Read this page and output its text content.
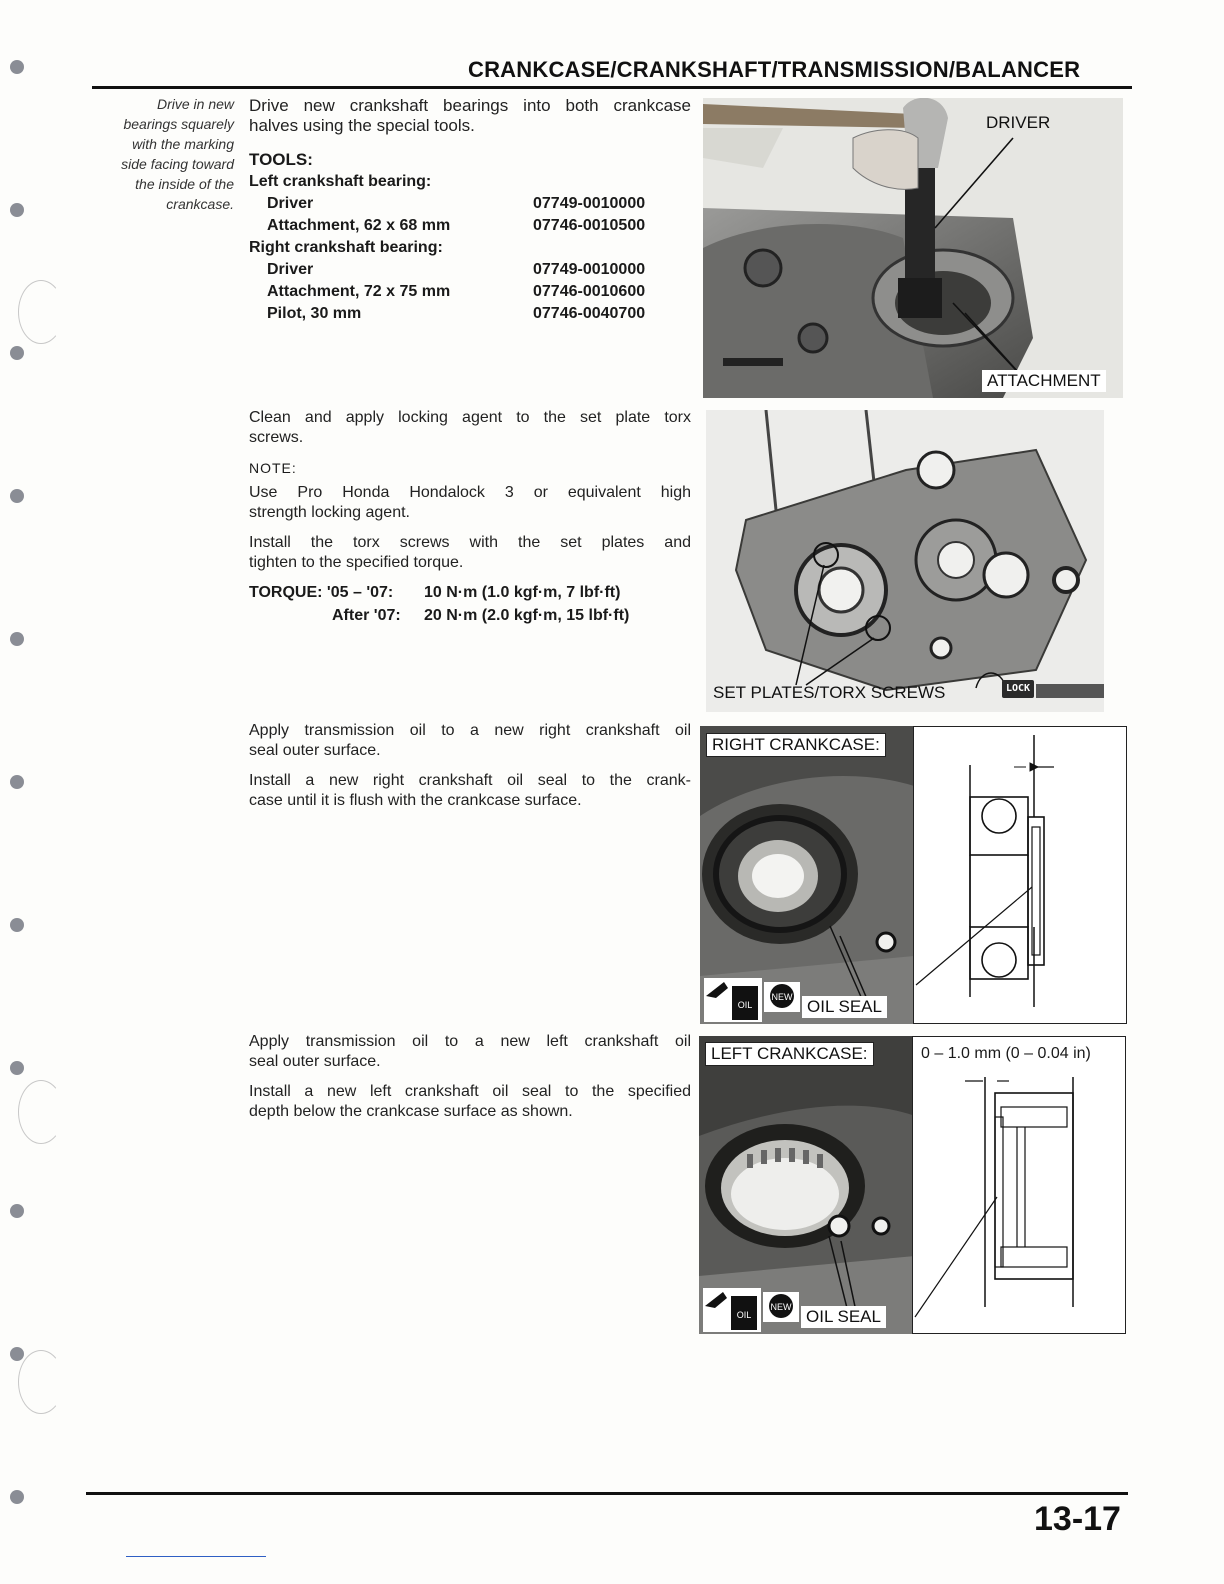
CRANKCASE/CRANKSHAFT/TRANSMISSION/BALANCER
Drive in new
bearings squarely
with the marking
side facing toward
the inside of the
crankcase.
Drive new crankshaft bearings into both crankcase
halves using the special tools.
TOOLS:
Left crankshaft bearing:
Driver	07749-0010000
Attachment, 62 x 68 mm	07746-0010500
Right crankshaft bearing:
Driver	07749-0010000
Attachment, 72 x 75 mm	07746-0010600
Pilot, 30 mm	07746-0040700
Clean and apply locking agent to the set plate torx
screws.
NOTE:
Use Pro Honda Hondalock 3 or equivalent high
strength locking agent.
Install the torx screws with the set plates and
tighten to the specified torque.
TORQUE: '05 – '07: 10 N·m (1.0 kgf·m, 7 lbf·ft)
After '07: 20 N·m (2.0 kgf·m, 15 lbf·ft)
Apply transmission oil to a new right crankshaft oil
seal outer surface.
Install a new right crankshaft oil seal to the crank-
case until it is flush with the crankcase surface.
Apply transmission oil to a new left crankshaft oil
seal outer surface.
Install a new left crankshaft oil seal to the specified
depth below the crankcase surface as shown.
DRIVER
ATTACHMENT
SET PLATES/TORX SCREWS	LOCK
RIGHT CRANKCASE:
OIL
NEW OIL SEAL
LEFT CRANKCASE:
OIL
NEW OIL SEAL
0 – 1.0 mm (0 – 0.04 in)
13-17
